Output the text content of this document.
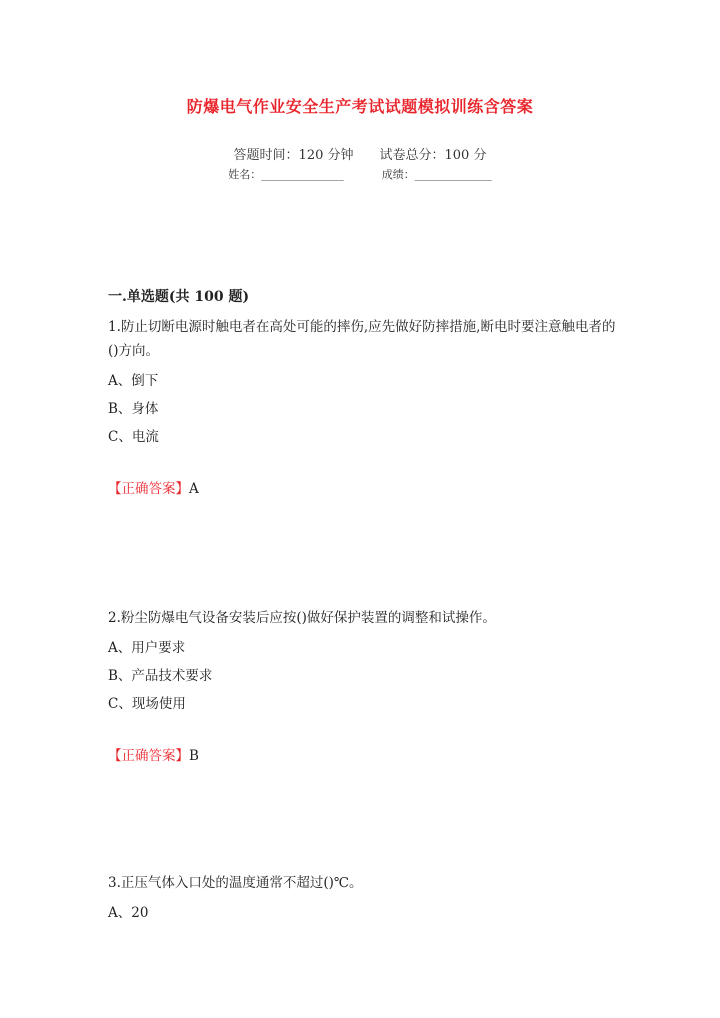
防爆电气作业安全生产考试试题模拟训练含答案
答题时间：120 分钟 试卷总分：100 分
姓名：_______________	成绩：______________
一.单选题(共 100 题)

1.防止切断电源时触电者在高处可能的摔伤,应先做好防摔措施,断电时要注意触电者的()方向。

A、倒下
B、身体
C、电流
【正确答案】A

2.粉尘防爆电气设备安装后应按()做好保护装置的调整和试操作。

A、用户要求
B、产品技术要求
C、现场使用
【正确答案】B

3.正压气体入口处的温度通常不超过()℃。

A、20
